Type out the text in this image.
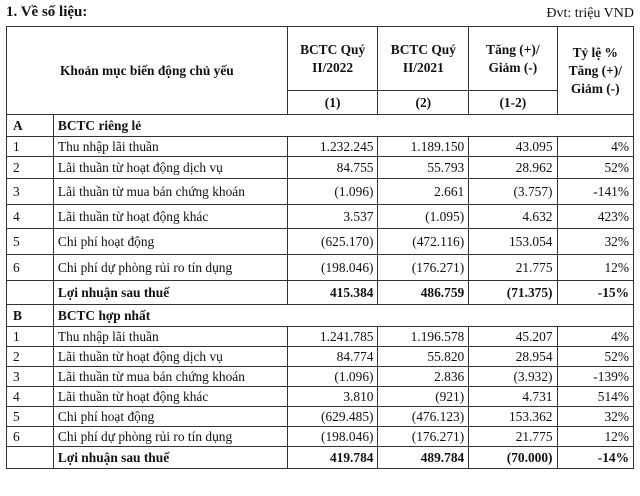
1. Về số liệu:	Đvt: triệu VND
Khoản mục biến động chủ yếu		BCTC Quý II/2022	BCTC Quý II/2021	Tăng (+)/ Giảm (-)	Tỷ lệ % Tăng (+)/ Giảm (-)
		(1)	(2)	(1-2)	
A	BCTC riêng lẻ				
1	Thu nhập lãi thuần	1.232.245	1.189.150	43.095	4%
2	Lãi thuần từ hoạt động dịch vụ	84.755	55.793	28.962	52%
3	Lãi thuần từ mua bán chứng khoán	(1.096)	2.661	(3.757)	-141%
4	Lãi thuần từ hoạt động khác	3.537	(1.095)	4.632	423%
5	Chi phí hoạt động	(625.170)	(472.116)	153.054	32%
6	Chi phí dự phòng rủi ro tín dụng	(198.046)	(176.271)	21.775	12%
	Lợi nhuận sau thuế	415.384	486.759	(71.375)	-15%
B	BCTC hợp nhất				
1	Thu nhập lãi thuần	1.241.785	1.196.578	45.207	4%
2	Lãi thuần từ hoạt động dịch vụ	84.774	55.820	28.954	52%
3	Lãi thuần từ mua bán chứng khoán	(1.096)	2.836	(3.932)	-139%
4	Lãi thuần từ hoạt động khác	3.810	(921)	4.731	514%
5	Chi phí hoạt động	(629.485)	(476.123)	153.362	32%
6	Chi phí dự phòng rủi ro tín dụng	(198.046)	(176.271)	21.775	12%
	Lợi nhuận sau thuế	419.784	489.784	(70.000)	-14%
